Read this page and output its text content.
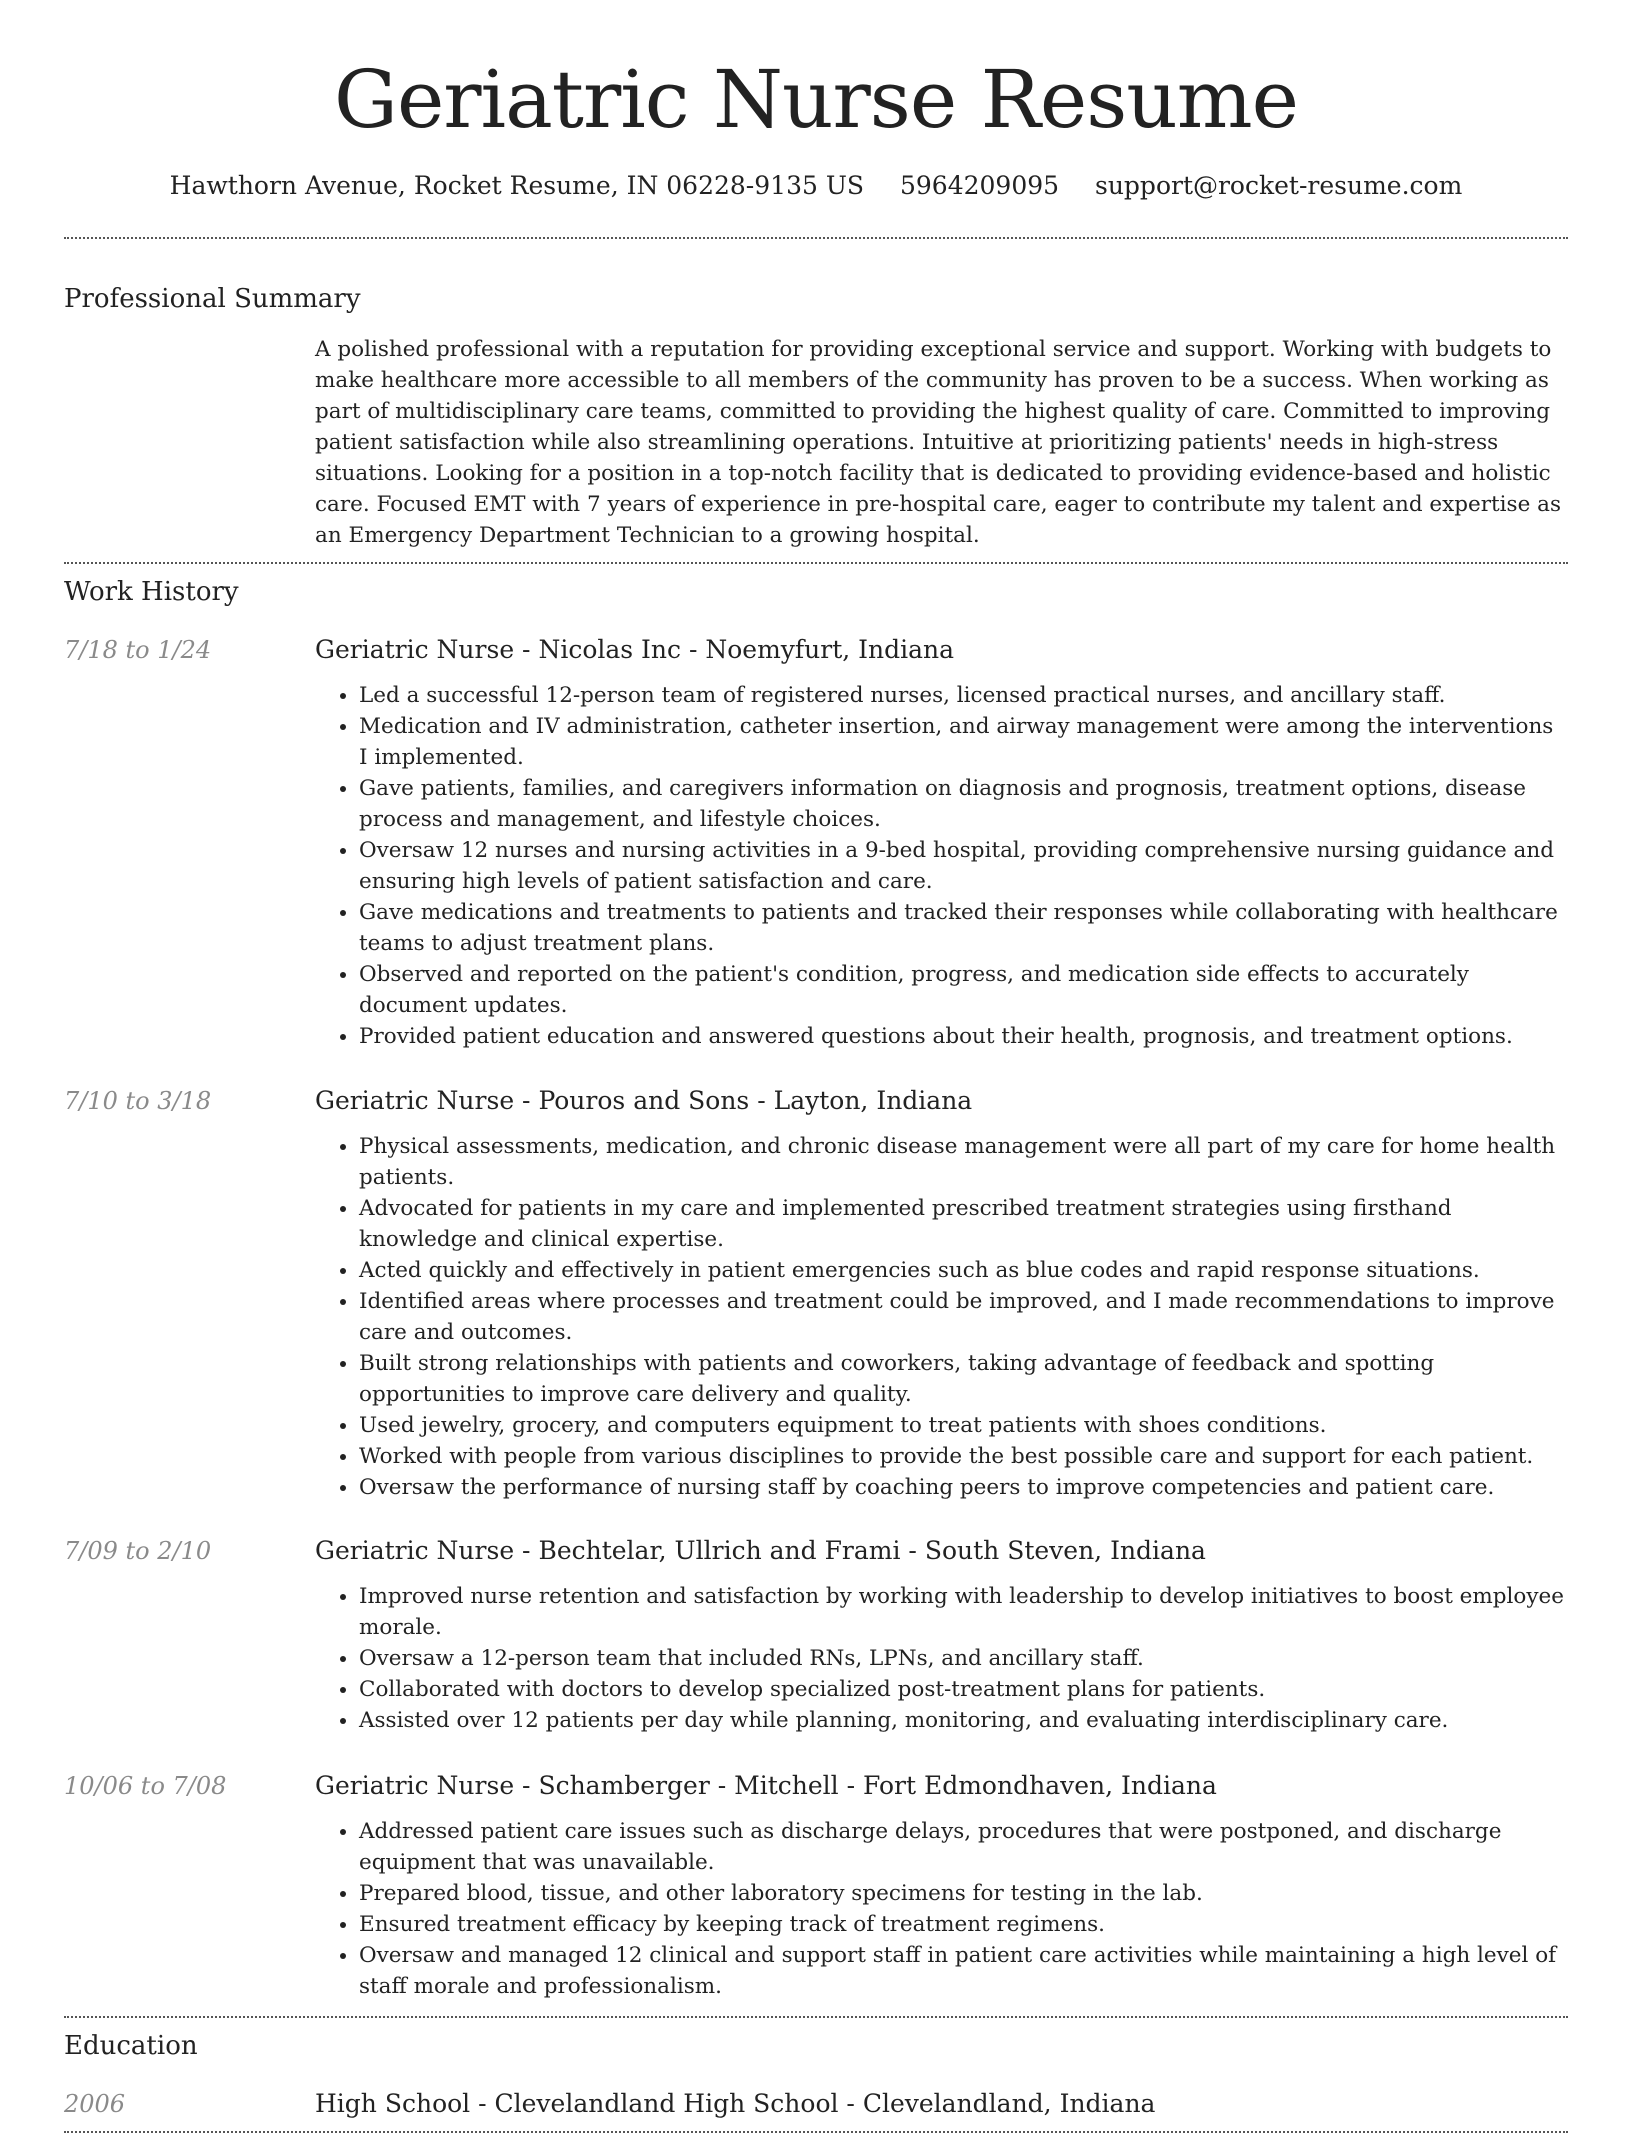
Geriatric Nurse Resume
Hawthorn Avenue, Rocket Resume, IN 06228-9135 US 5964209095 support@rocket-resume.com
Professional Summary
A polished professional with a reputation for providing exceptional service and support. Working with budgets to make healthcare more accessible to all members of the community has proven to be a success. When working as part of multidisciplinary care teams, committed to providing the highest quality of care. Committed to improving patient satisfaction while also streamlining operations. Intuitive at prioritizing patients' needs in high-stress situations. Looking for a position in a top-notch facility that is dedicated to providing evidence-based and holistic care. Focused EMT with 7 years of experience in pre-hospital care, eager to contribute my talent and expertise as an Emergency Department Technician to a growing hospital.
Work History
7/18 to 1/24	Geriatric Nurse - Nicolas Inc - Noemyfurt, Indiana
• Led a successful 12-person team of registered nurses, licensed practical nurses, and ancillary staff.
• Medication and IV administration, catheter insertion, and airway management were among the interventions I implemented.
• Gave patients, families, and caregivers information on diagnosis and prognosis, treatment options, disease process and management, and lifestyle choices.
• Oversaw 12 nurses and nursing activities in a 9-bed hospital, providing comprehensive nursing guidance and ensuring high levels of patient satisfaction and care.
• Gave medications and treatments to patients and tracked their responses while collaborating with healthcare teams to adjust treatment plans.
• Observed and reported on the patient's condition, progress, and medication side effects to accurately document updates.
• Provided patient education and answered questions about their health, prognosis, and treatment options.
7/10 to 3/18	Geriatric Nurse - Pouros and Sons - Layton, Indiana
• Physical assessments, medication, and chronic disease management were all part of my care for home health patients.
• Advocated for patients in my care and implemented prescribed treatment strategies using firsthand knowledge and clinical expertise.
• Acted quickly and effectively in patient emergencies such as blue codes and rapid response situations.
• Identified areas where processes and treatment could be improved, and I made recommendations to improve care and outcomes.
• Built strong relationships with patients and coworkers, taking advantage of feedback and spotting opportunities to improve care delivery and quality.
• Used jewelry, grocery, and computers equipment to treat patients with shoes conditions.
• Worked with people from various disciplines to provide the best possible care and support for each patient.
• Oversaw the performance of nursing staff by coaching peers to improve competencies and patient care.
7/09 to 2/10	Geriatric Nurse - Bechtelar, Ullrich and Frami - South Steven, Indiana
• Improved nurse retention and satisfaction by working with leadership to develop initiatives to boost employee morale.
• Oversaw a 12-person team that included RNs, LPNs, and ancillary staff.
• Collaborated with doctors to develop specialized post-treatment plans for patients.
• Assisted over 12 patients per day while planning, monitoring, and evaluating interdisciplinary care.
10/06 to 7/08	Geriatric Nurse - Schamberger - Mitchell - Fort Edmondhaven, Indiana
• Addressed patient care issues such as discharge delays, procedures that were postponed, and discharge equipment that was unavailable.
• Prepared blood, tissue, and other laboratory specimens for testing in the lab.
• Ensured treatment efficacy by keeping track of treatment regimens.
• Oversaw and managed 12 clinical and support staff in patient care activities while maintaining a high level of staff morale and professionalism.
Education
2006	High School - Clevelandland High School - Clevelandland, Indiana
